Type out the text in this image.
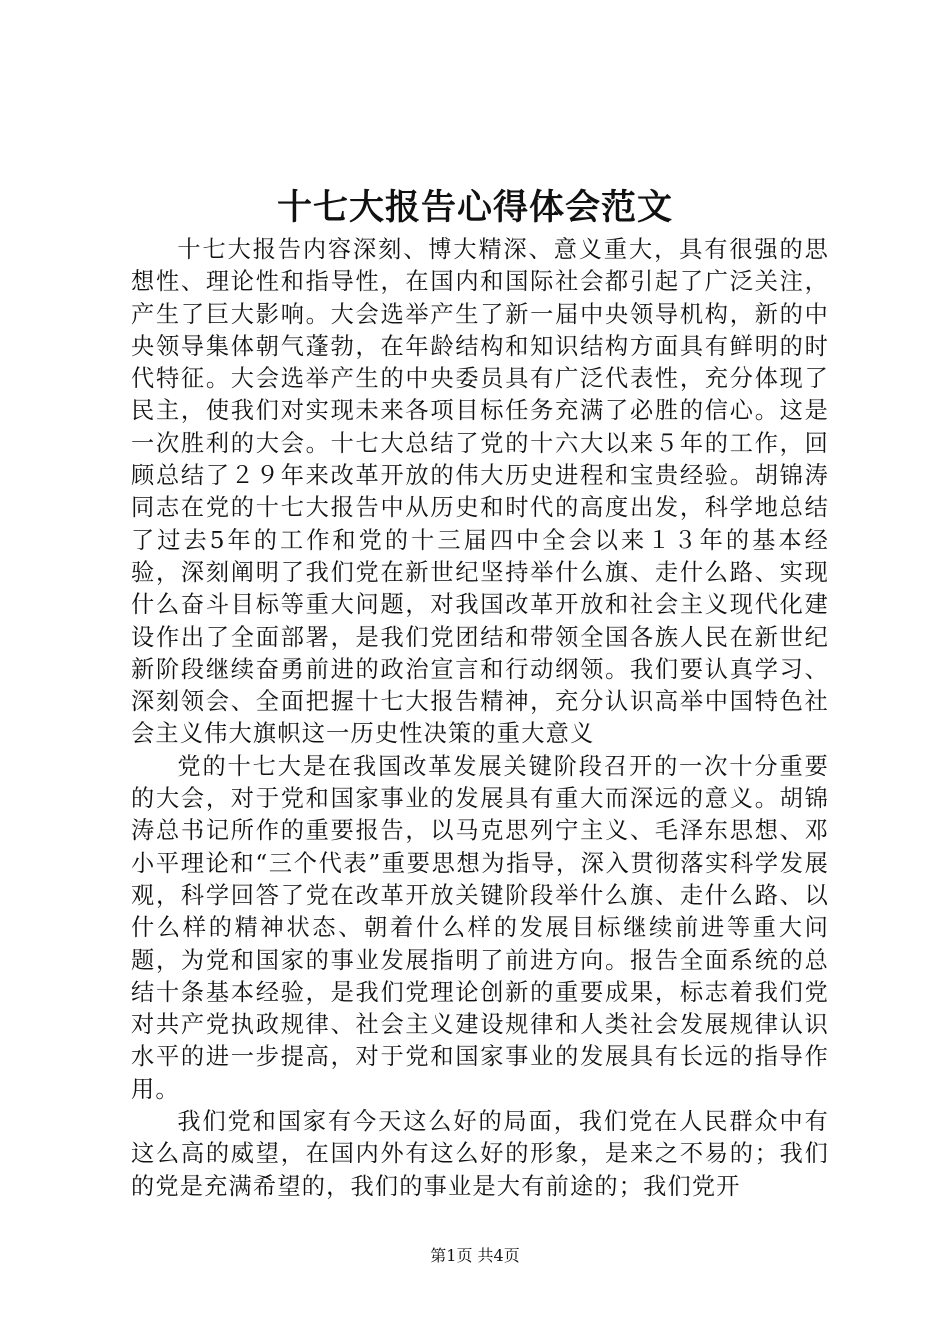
十七大报告心得体会范文

十七大报告内容深刻、博大精深、意义重大，具有很强的思想性、理论性和指导性，在国内和国际社会都引起了广泛关注，产生了巨大影响。大会选举产生了新一届中央领导机构，新的中央领导集体朝气蓬勃，在年龄结构和知识结构方面具有鲜明的时代特征。大会选举产生的中央委员具有广泛代表性，充分体现了民主，使我们对实现未来各项目标任务充满了必胜的信心。这是一次胜利的大会。十七大总结了党的十六大以来５年的工作，回顾总结了２９年来改革开放的伟大历史进程和宝贵经验。胡锦涛同志在党的十七大报告中从历史和时代的高度出发，科学地总结了过去5年的工作和党的十三届四中全会以来１３年的基本经验，深刻阐明了我们党在新世纪坚持举什么旗、走什么路、实现什么奋斗目标等重大问题，对我国改革开放和社会主义现代化建设作出了全面部署，是我们党团结和带领全国各族人民在新世纪新阶段继续奋勇前进的政治宣言和行动纲领。我们要认真学习、深刻领会、全面把握十七大报告精神，充分认识高举中国特色社会主义伟大旗帜这一历史性决策的重大意义

党的十七大是在我国改革发展关键阶段召开的一次十分重要的大会，对于党和国家事业的发展具有重大而深远的意义。胡锦涛总书记所作的重要报告，以马克思列宁主义、毛泽东思想、邓小平理论和“三个代表”重要思想为指导，深入贯彻落实科学发展观，科学回答了党在改革开放关键阶段举什么旗、走什么路、以什么样的精神状态、朝着什么样的发展目标继续前进等重大问题，为党和国家的事业发展指明了前进方向。报告全面系统的总结十条基本经验，是我们党理论创新的重要成果，标志着我们党对共产党执政规律、社会主义建设规律和人类社会发展规律认识水平的进一步提高，对于党和国家事业的发展具有长远的指导作用。

我们党和国家有今天这么好的局面，我们党在人民群众中有这么高的威望，在国内外有这么好的形象，是来之不易的；我们的党是充满希望的，我们的事业是大有前途的；我们党开

第1页 共4页
